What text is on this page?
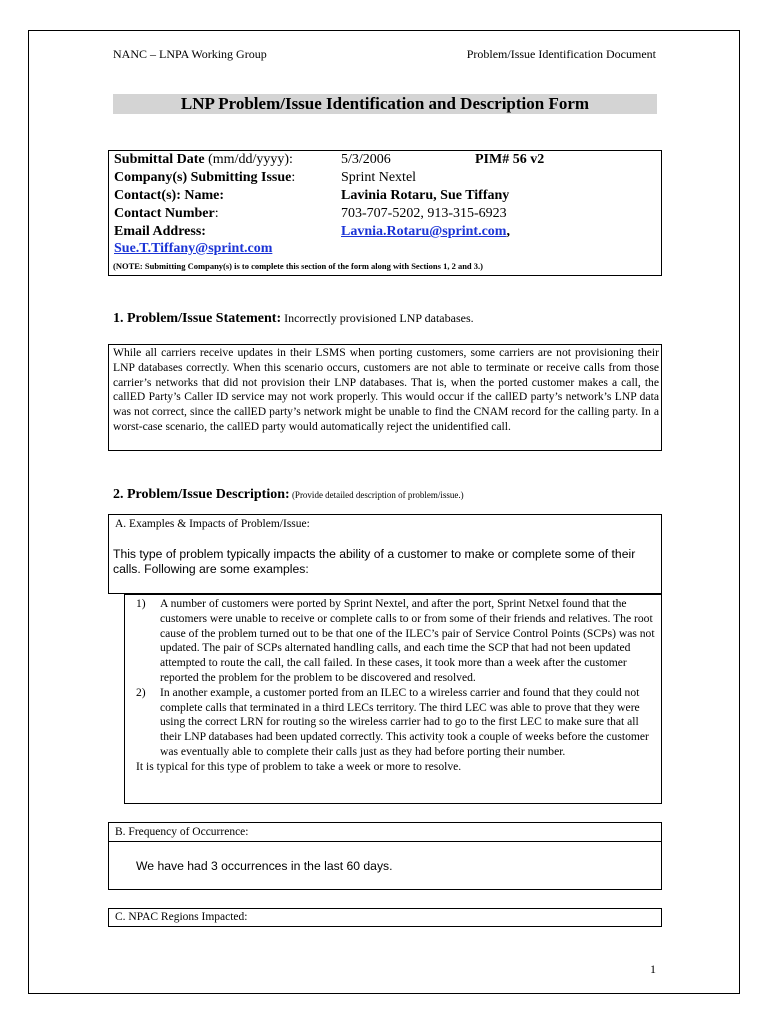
NANC – LNPA Working Group	Problem/Issue Identification Document
LNP Problem/Issue Identification and Description Form
Submittal Date (mm/dd/yyyy):	5/3/2006	PIM# 56 v2
Company(s) Submitting Issue:	Sprint Nextel
Contact(s): Name:	Lavinia Rotaru, Sue Tiffany
Contact Number:	703-707-5202, 913-315-6923
Email Address:	Lavnia.Rotaru@sprint.com,
Sue.T.Tiffany@sprint.com
(NOTE: Submitting Company(s) is to complete this section of the form along with Sections 1, 2 and 3.)
1. Problem/Issue Statement: Incorrectly provisioned LNP databases.
While all carriers receive updates in their LSMS when porting customers, some carriers are not provisioning their LNP databases correctly. When this scenario occurs, customers are not able to terminate or receive calls from those carrier’s networks that did not provision their LNP databases. That is, when the ported customer makes a call, the callED Party’s Caller ID service may not work properly. This would occur if the callED party’s network’s LNP data was not correct, since the callED party’s network might be unable to find the CNAM record for the calling party. In a worst-case scenario, the callED party would automatically reject the unidentified call.
2. Problem/Issue Description: (Provide detailed description of problem/issue.)
A. Examples & Impacts of Problem/Issue:
This type of problem typically impacts the ability of a customer to make or complete some of their calls. Following are some examples:
1) A number of customers were ported by Sprint Nextel, and after the port, Sprint Netxel found that the customers were unable to receive or complete calls to or from some of their friends and relatives. The root cause of the problem turned out to be that one of the ILEC’s pair of Service Control Points (SCPs) was not updated. The pair of SCPs alternated handling calls, and each time the SCP that had not been updated attempted to route the call, the call failed. In these cases, it took more than a week after the customer reported the problem for the problem to be discovered and resolved.
2) In another example, a customer ported from an ILEC to a wireless carrier and found that they could not complete calls that terminated in a third LECs territory. The third LEC was able to prove that they were using the correct LRN for routing so the wireless carrier had to go to the first LEC to make sure that all their LNP databases had been updated correctly. This activity took a couple of weeks before the customer was eventually able to complete their calls just as they had before porting their number.
It is typical for this type of problem to take a week or more to resolve.
B. Frequency of Occurrence:
We have had 3 occurrences in the last 60 days.
C. NPAC Regions Impacted:
1
